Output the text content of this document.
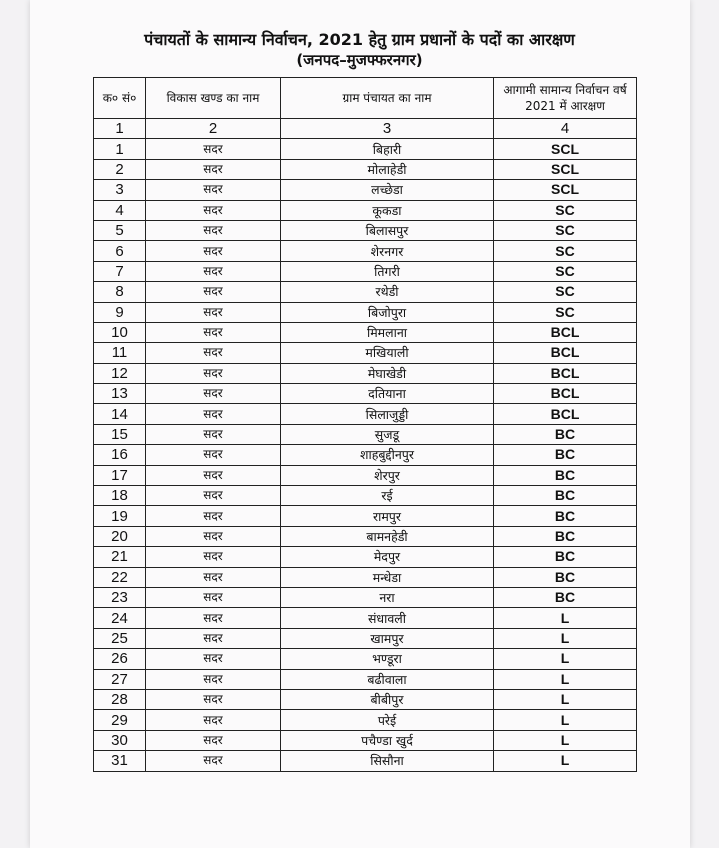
पंचायतों के सामान्य निर्वाचन, 2021 हेतु ग्राम प्रधानों के पदों का आरक्षण
(जनपद–मुजफ्फरनगर)
क० सं०	विकास खण्ड का नाम	ग्राम पंचायत का नाम	आगामी सामान्य निर्वाचन वर्ष 2021 में आरक्षण
1	2	3	4
1	सदर	बिहारी	SCL
2	सदर	मोलाहेडी	SCL
3	सदर	लच्छेडा	SCL
4	सदर	कूकडा	SC
5	सदर	बिलासपुर	SC
6	सदर	शेरनगर	SC
7	सदर	तिगरी	SC
8	सदर	रथेडी	SC
9	सदर	बिजोपुरा	SC
10	सदर	मिमलाना	BCL
11	सदर	मखियाली	BCL
12	सदर	मेघाखेडी	BCL
13	सदर	दतियाना	BCL
14	सदर	सिलाजुड्डी	BCL
15	सदर	सुजडू	BC
16	सदर	शाहबुद्दीनपुर	BC
17	सदर	शेरपुर	BC
18	सदर	रई	BC
19	सदर	रामपुर	BC
20	सदर	बामनहेडी	BC
21	सदर	मेदपुर	BC
22	सदर	मन्धेडा	BC
23	सदर	नरा	BC
24	सदर	संधावली	L
25	सदर	खामपुर	L
26	सदर	भण्डूरा	L
27	सदर	बढीवाला	L
28	सदर	बीबीपुर	L
29	सदर	परेई	L
30	सदर	पचैण्डा खुर्द	L
31	सदर	सिसौना	L
